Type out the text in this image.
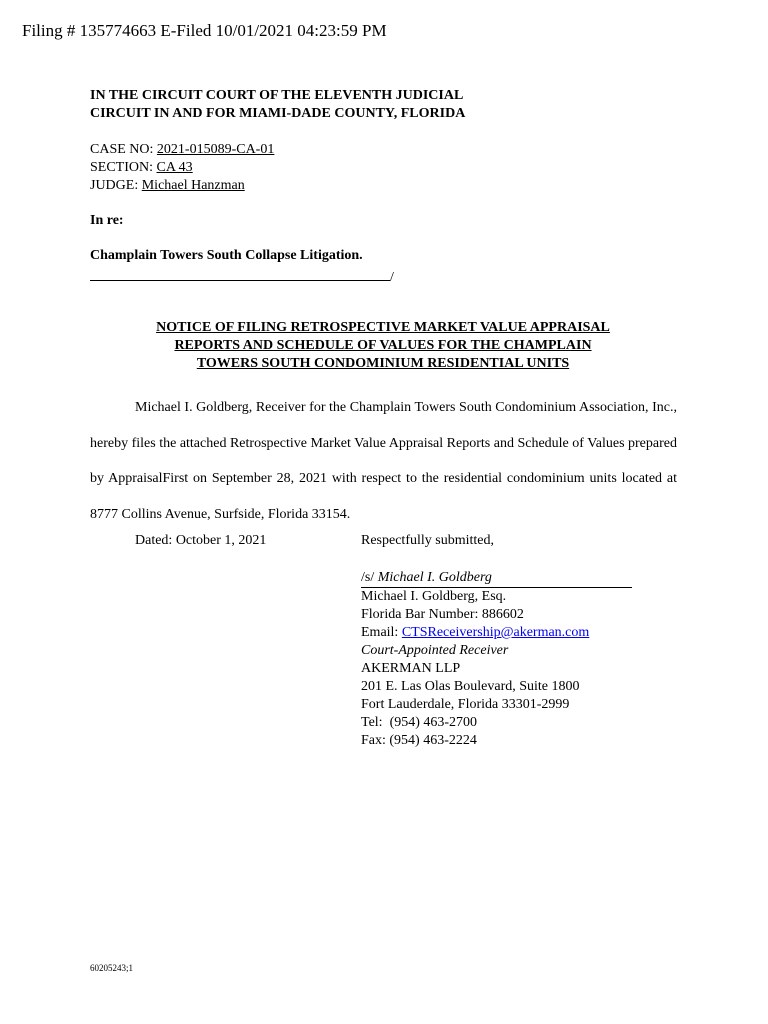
Filing # 135774663 E-Filed 10/01/2021 04:23:59 PM
IN THE CIRCUIT COURT OF THE ELEVENTH JUDICIAL
CIRCUIT IN AND FOR MIAMI-DADE COUNTY, FLORIDA
CASE NO: 2021-015089-CA-01
SECTION: CA 43
JUDGE: Michael Hanzman
In re:
Champlain Towers South Collapse Litigation.
/
NOTICE OF FILING RETROSPECTIVE MARKET VALUE APPRAISAL
REPORTS AND SCHEDULE OF VALUES FOR THE CHAMPLAIN
TOWERS SOUTH CONDOMINIUM RESIDENTIAL UNITS

Michael I. Goldberg, Receiver for the Champlain Towers South Condominium Association, Inc., hereby files the attached Retrospective Market Value Appraisal Reports and Schedule of Values prepared by AppraisalFirst on September 28, 2021 with respect to the residential condominium units located at 8777 Collins Avenue, Surfside, Florida 33154.

Dated: October 1, 2021	Respectfully submitted,
/s/ Michael I. Goldberg
Michael I. Goldberg, Esq.
Florida Bar Number: 886602
Email: CTSReceivership@akerman.com
Court-Appointed Receiver
AKERMAN LLP
201 E. Las Olas Boulevard, Suite 1800
Fort Lauderdale, Florida 33301-2999
Tel:  (954) 463-2700
Fax: (954) 463-2224
60205243;1
